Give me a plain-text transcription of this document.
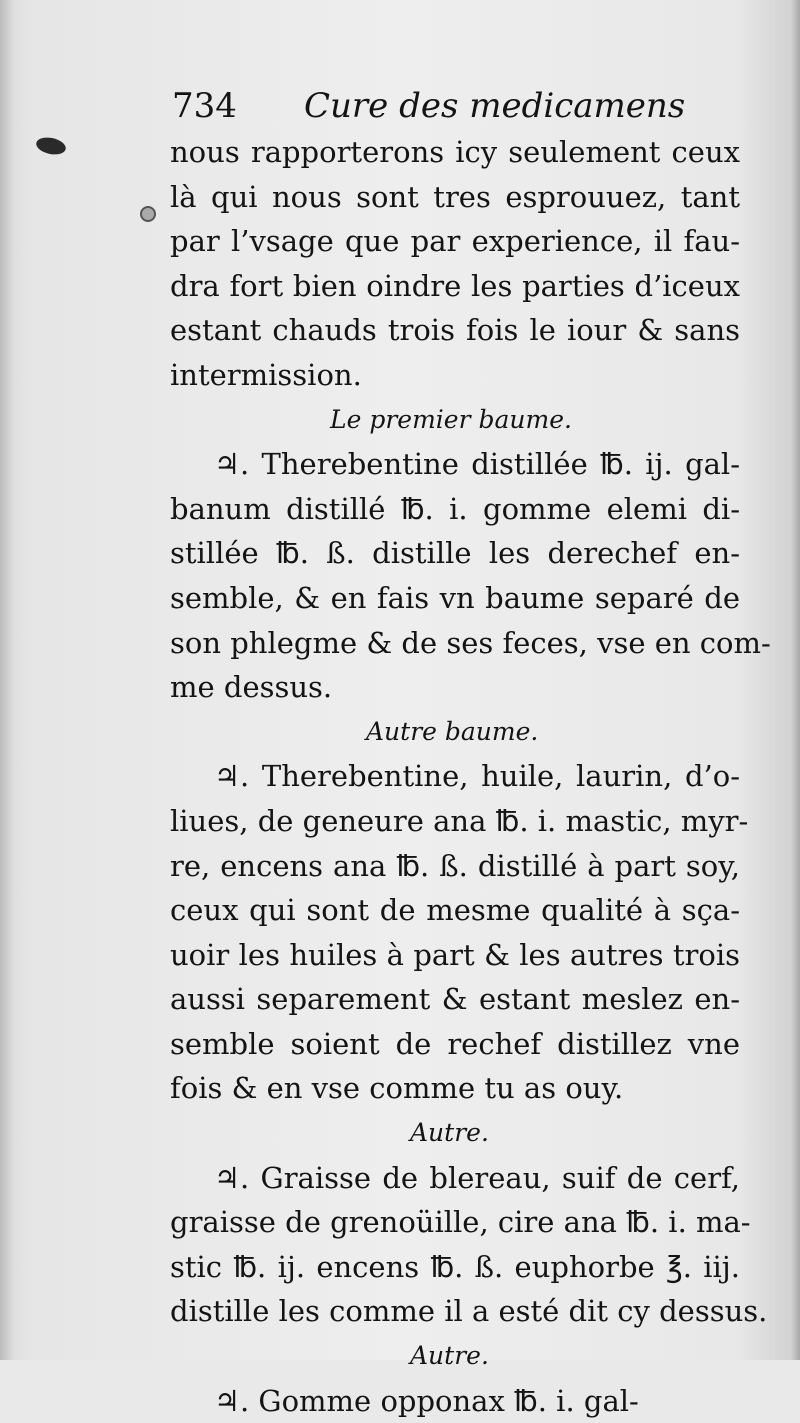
734 Cure des medicamens
nous rapporterons icy seulement ceux
là qui nous sont tres esprouuez, tant
par l’vsage que par experience, il fau-
dra fort bien oindre les parties d’iceux
estant chauds trois fois le iour & sans
intermission.
Le premier baume.
♃. Therebentine distillée ℔. ij. gal-
banum distillé ℔. i. gomme elemi di-
stillée ℔. ß. distille les derechef en-
semble, & en fais vn baume separé de
son phlegme & de ses feces, vse en com-
me dessus.
Autre baume.
♃. Therebentine, huile, laurin, d’o-
liues, de geneure ana ℔. i. mastic, myr-
re, encens ana ℔. ß. distillé à part soy,
ceux qui sont de mesme qualité à sça-
uoir les huiles à part & les autres trois
aussi separement & estant meslez en-
semble soient de rechef distillez vne
fois & en vse comme tu as ouy.
Autre.
♃. Graisse de blereau, suif de cerf,
graisse de grenoüille, cire ana ℔. i. ma-
stic ℔. ij. encens ℔. ß. euphorbe ℥. iij.
distille les comme il a esté dit cy dessus.
Autre.
♃. Gomme opponax ℔. i. gal-
